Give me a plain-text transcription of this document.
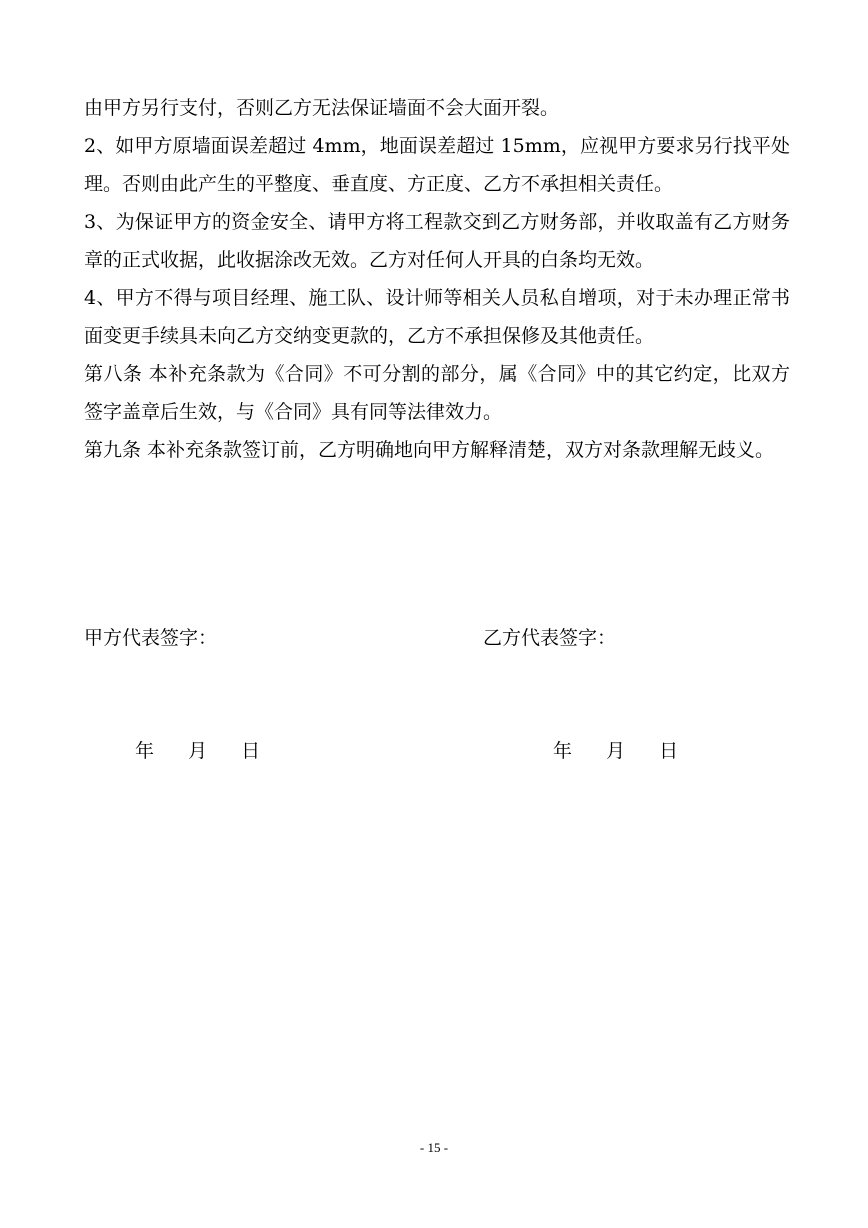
由甲方另行支付，否则乙方无法保证墙面不会大面开裂。

2、如甲方原墙面误差超过 4mm，地面误差超过 15mm，应视甲方要求另行找平处理。否则由此产生的平整度、垂直度、方正度、乙方不承担相关责任。

3、为保证甲方的资金安全、请甲方将工程款交到乙方财务部，并收取盖有乙方财务章的正式收据，此收据涂改无效。乙方对任何人开具的白条均无效。

4、甲方不得与项目经理、施工队、设计师等相关人员私自增项，对于未办理正常书面变更手续具未向乙方交纳变更款的，乙方不承担保修及其他责任。

第八条 本补充条款为《合同》不可分割的部分，属《合同》中的其它约定，比双方签字盖章后生效，与《合同》具有同等法律效力。

第九条 本补充条款签订前，乙方明确地向甲方解释清楚，双方对条款理解无歧义。

甲方代表签字：	乙方代表签字：
年 月 日	年 月 日
- 15 -
